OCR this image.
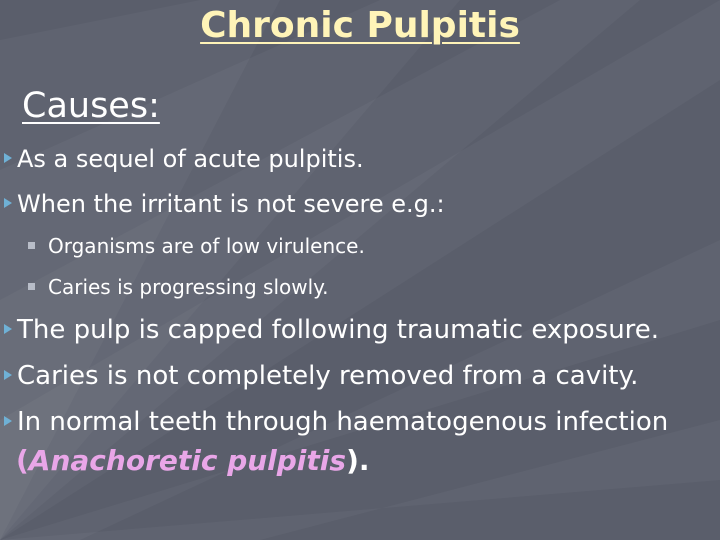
Chronic Pulpitis
Causes:
As a sequel of acute pulpitis.
When the irritant is not severe e.g.:
Organisms are of low virulence.
Caries is progressing slowly.
The pulp is capped following traumatic exposure.
Caries is not completely removed from a cavity.
In normal teeth through haematogenous infection
(Anachoretic pulpitis).
